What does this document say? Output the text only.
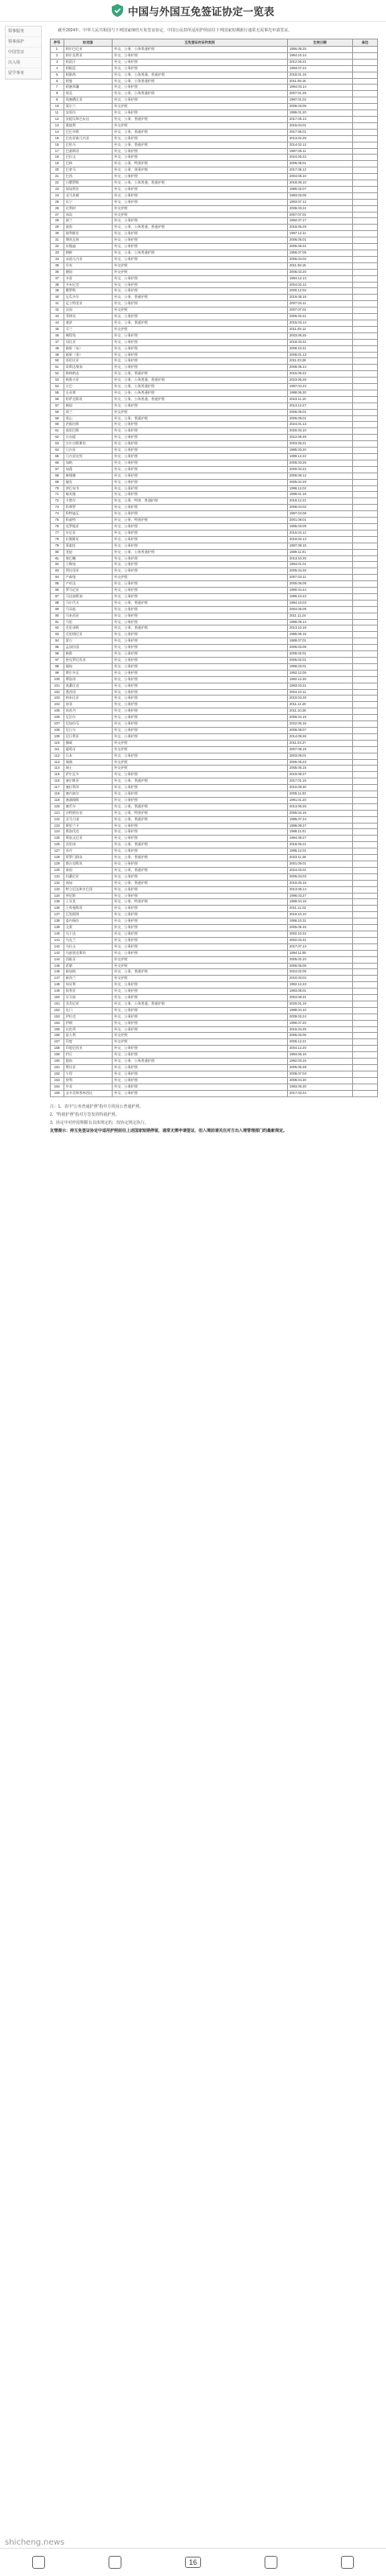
中国与外国互免签证协定一览表
领事服务
领事保护
中国签证
出入境
留学事务

截至2024年，中华人民共和国与下列国家缔结互免签证协定，中国公民持所适用护照前往下列国家短期旅行通常无需事先申请签证。

序号	协定国	互免签证的证件类别	生效日期	备注
1	阿尔巴尼亚	外交、公务、公务普通护照	1956.08.25	
2	阿尔及利亚	外交、公务护照	1964.10.14	
3	阿富汗	外交、公务护照	2012.05.21	
4	阿根廷	外交、公务护照	1993.07.24	
5	阿联酋	外交、公务、公务普通、普通护照	2018.01.16	
6	阿曼	外交、公务、公务普通护照	2011.08.15	
7	阿塞拜疆	外交、公务护照	1994.03.14	
8	埃及	外交、公务、公务普通护照	2007.01.25	
9	埃塞俄比亚	外交、公务护照	1997.01.02	
10	爱尔兰	外交护照	2006.03.09	
11	安哥拉	外交、公务护照	1995.01.20	
12	安提瓜和巴布达	外交、公务、普通护照	2017.06.13	
13	奥地利	外交护照	2015.04.01	
14	巴巴多斯	外交、公务、普通护照	2017.06.01	
15	巴布亚新几内亚	外交、公务护照	2013.02.28	
16	巴哈马	外交、公务、普通护照	2014.02.12	
17	巴基斯坦	外交、公务护照	1987.08.11	
18	巴拉圭	外交、公务护照	2024.05.23	
19	巴林	外交、公务、特别护照	2006.08.01	
20	巴拿马	外交、公务、领事护照	2017.06.12	
21	巴西	外交、公务护照	2004.08.10	
22	白俄罗斯	外交、公务、公务普通、普通护照	2018.08.10	
23	保加利亚	外交、公务护照	1989.02.07	
24	北马其顿	外交、公务护照	1993.03.09	
25	贝宁	外交、公务护照	1993.07.12	
26	比利时	外交护照	2006.03.22	
27	冰岛	外交护照	2007.07.01	
28	波兰	外交、公务护照	1992.07.17	
29	波黑	外交、公务、公务普通、普通护照	2018.05.29	
30	玻利维亚	外交、公务护照	1997.12.11	
31	博茨瓦纳	外交、公务护照	2006.05.01	
32	布隆迪	外交、公务护照	2006.08.31	
33	朝鲜	外交、公务、公务普通护照	1956.07.05	
34	赤道几内亚	外交、公务护照	2006.04.02	
35	丹麦	外交护照	2011.08.15	
36	德国	外交护照	2006.03.20	
37	多哥	外交、公务护照	1994.12.13	
38	多米尼克	外交、公务护照	2004.02.12	
39	俄罗斯	外交、公务护照	2000.12.02	
40	厄瓜多尔	外交、公务、普通护照	2016.08.18	
41	厄立特里亚	外交、公务护照	2007.04.11	
42	法国	外交护照	2007.07.01	
43	菲律宾	外交、公务护照	2005.02.21	
44	斐济	外交、公务、普通护照	2015.03.14	
45	芬兰	外交护照	2011.05.12	
46	佛得角	外交、公务护照	2003.06.25	
47	冈比亚	外交、公务护照	2018.03.31	
48	刚果（布）	外交、公务护照	2008.10.21	
49	刚果（金）	外交、公务护照	2006.01.13	
50	哥伦比亚	外交、公务护照	2011.03.28	
51	哥斯达黎加	外交、公务护照	2008.08.14	
52	格林纳达	外交、公务、普通护照	2015.06.22	
53	格鲁吉亚	外交、公务、公务普通、普通护照	2023.05.28	
54	古巴	外交、公务、公务普通护照	1997.04.23	
55	圭亚那	外交、公务、公务普通护照	1998.06.30	
56	哈萨克斯坦	外交、公务、公务普通、普通护照	2023.11.10	
57	韩国	外交、公务护照	2013.12.27	
58	荷兰	外交护照	2006.06.01	
59	黑山	外交、公务、普通护照	2006.09.01	
60	洪都拉斯	外交、公务护照	2024.01.13	
61	基里巴斯	外交、公务护照	2020.03.10	
62	吉布提	外交、公务护照	2012.09.29	
63	吉尔吉斯斯坦	外交、公务护照	2003.06.21	
64	几内亚	外交、公务护照	1995.03.20	
65	几内亚比绍	外交、公务护照	1999.12.22	
66	加纳	外交、公务护照	2006.03.26	
67	加蓬	外交、公务护照	2000.03.22	
68	柬埔寨	外交、公务护照	2006.09.12	
69	捷克	外交、公务护照	2005.04.29	
70	津巴布韦	外交、公务护照	1996.12.02	
71	喀麦隆	外交、公务护照	1998.01.16	
72	卡塔尔	外交、公务、特别、普通护照	2018.12.21	
73	科摩罗	外交、公务护照	2008.04.02	
74	科特迪瓦	外交、公务护照	1997.04.08	
75	科威特	外交、公务、特别护照	2001.09.01	
76	克罗地亚	外交、公务护照	1995.03.09	
77	肯尼亚	外交、公务护照	2015.04.12	
78	拉脱维亚	外交、公务护照	2019.02.13	
79	莱索托	外交、公务护照	1997.09.15	
80	老挝	外交、公务、公务普通护照	1989.11.01	
81	黎巴嫩	外交、公务护照	2013.10.25	
82	立陶宛	外交、公务护照	1994.01.01	
83	利比里亚	外交、公务护照	2005.04.26	
84	卢森堡	外交护照	2007.03.11	
85	卢旺达	外交、公务护照	2005.06.09	
86	罗马尼亚	外交、公务护照	1990.04.24	
87	马达加斯加	外交、公务护照	1995.10.23	
88	马尔代夫	外交、公务、普通护照	1984.10.03	
89	马耳他	外交、公务护照	2004.06.09	
90	马来西亚	外交、公务护照	2011.11.24	
91	马里	外交、公务护照	1998.09.14	
92	毛里求斯	外交、公务、普通护照	2013.10.18	
93	毛里塔尼亚	外交、公务护照	1995.06.16	
94	蒙古	外交、公务护照	1989.07.01	
95	孟加拉国	外交、公务护照	2006.03.08	
96	秘鲁	外交、公务护照	2008.02.01	
97	密克罗尼西亚	外交、公务护照	2005.02.01	
98	缅甸	外交、公务护照	1998.03.01	
99	摩尔多瓦	外交、公务护照	1992.12.05	
100	摩洛哥	外交、公务护照	1992.12.30	
101	莫桑比克	外交、公务护照	1993.03.21	
102	墨西哥	外交、公务护照	2004.10.11	
103	纳米比亚	外交、公务护照	2010.03.28	
104	南非	外交、公务护照	2011.12.20	
105	南苏丹	外交、公务护照	2011.10.26	
106	尼泊尔	外交、公务护照	2006.04.19	
107	尼加拉瓜	外交、公务护照	2022.05.15	
108	尼日尔	外交、公务护照	2009.08.07	
109	尼日利亚	外交、公务护照	2014.09.26	
110	挪威	外交护照	2011.03.27	
111	葡萄牙	外交护照	2007.08.15	
112	日本	外交、公务护照	2003.09.01	
113	瑞典	外交护照	2006.05.23	
114	瑞士	外交护照	2005.06.15	
115	萨尔瓦多	外交、公务护照	2019.09.27	
116	塞尔维亚	外交、公务、普通护照	2017.01.15	
117	塞拉利昂	外交、公务护照	2010.09.30	
118	塞内加尔	外交、公务护照	2005.11.03	
119	塞浦路斯	外交、公务护照	1991.01.20	
120	塞舌尔	外交、公务、普通护照	2013.06.26	
121	沙特阿拉伯	外交、公务、特别护照	2005.04.15	
122	圣马力诺	外交、公务、普通护照	1985.07.24	
123	斯里兰卡	外交、公务护照	1996.08.27	
124	斯洛伐克	外交、公务护照	1998.11.01	
125	斯洛文尼亚	外交、公务护照	1994.08.27	
126	苏里南	外交、公务、普通护照	2018.05.21	
127	苏丹	外交、公务护照	1995.12.01	
128	所罗门群岛	外交、公务、普通护照	2023.11.26	
129	塔吉克斯坦	外交、公务护照	2001.09.01	
130	泰国	外交、公务、普通护照	2024.03.01	
131	坦桑尼亚	外交、公务护照	2005.04.03	
132	汤加	外交、公务、普通护照	2016.06.16	
133	特立尼达和多巴哥	外交、公务护照	2013.09.14	
134	突尼斯	外交、公务护照	1996.03.27	
135	土耳其	外交、公务、特别护照	1989.04.16	
136	土库曼斯坦	外交、公务护照	2011.11.23	
137	瓦努阿图	外交、公务护照	2016.10.10	
138	委内瑞拉	外交、公务护照	1996.10.31	
139	文莱	外交、公务护照	2005.05.15	
140	乌干达	外交、公务护照	2002.10.22	
141	乌克兰	外交、公务护照	2002.03.31	
142	乌拉圭	外交、公务护照	2017.07.14	
143	乌兹别克斯坦	外交、公务护照	1994.11.05	
144	西班牙	外交护照	2005.02.10	
145	希腊	外交护照	2006.06.05	
146	新加坡	外交、公务、普通护照	2024.02.09	
147	新西兰	外交护照	2010.03.02	
148	匈牙利	外交、公务护照	1992.12.23	
149	叙利亚	外交、公务护照	1993.08.01	
150	牙买加	外交、公务护照	2004.08.31	
151	亚美尼亚	外交、公务、公务普通、普通护照	2020.01.19	
152	也门	外交、公务护照	1998.04.10	
153	伊拉克	外交、公务护照	2009.02.24	
154	伊朗	外交、公务护照	1990.07.20	
155	以色列	外交、公务护照	2016.04.25	
156	意大利	外交护照	2005.03.06	
157	印度	外交护照	2006.12.21	
158	印度尼西亚	外交、公务护照	2004.12.20	
159	约旦	外交、公务护照	1994.05.16	
160	越南	外交、公务、公务普通护照	1992.03.15	
161	赞比亚	外交、公务护照	2005.06.28	
162	乍得	外交、公务护照	2008.07.03	
163	智利	外交、公务护照	2008.04.30	
164	中非	外交、公务护照	1993.06.30	
165	圣多美和普林西比	外交、公务护照	2017.03.24	

注：1、表中"公务普通护照"指中方的因公普通护照。

2、"特别护照"指对方签发的特别护照。

3、协定中对停留期限有具体规定的，按协定规定执行。

友情提示：持互免签证协定中适用护照前往上述国家短期停留，通常无需申请签证，但入境前请关注对方出入境管理部门的最新规定。

shicheng.news
16
